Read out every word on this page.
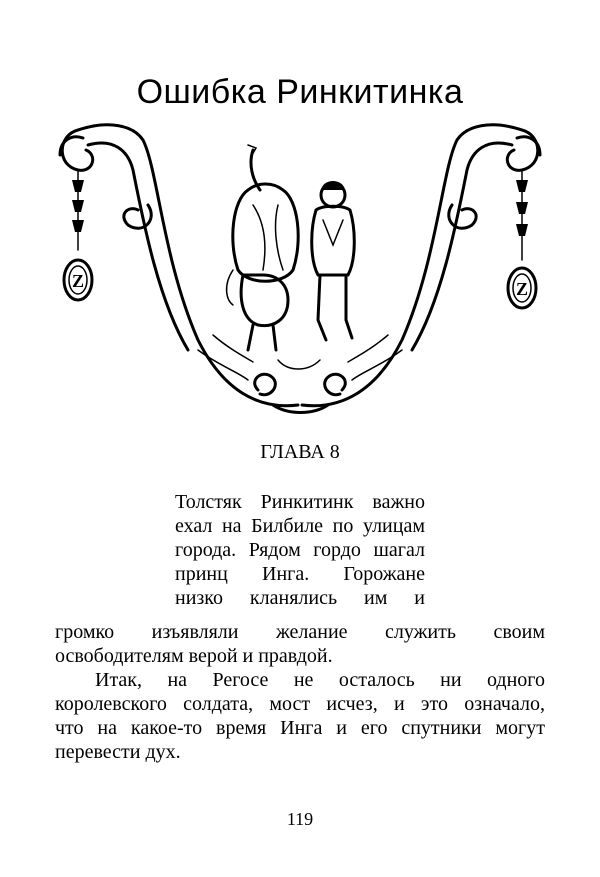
Ошибка Ринкитинка
Z	Z
ГЛАВА 8
Толстяк Ринкитинк важно
ехал на Билбиле по улицам
города. Рядом гордо шагал
принц Инга. Горожане
низко кланялись им и
громко изъявляли желание служить своим
освободителям верой и правдой.
Итак, на Регосе не осталось ни одного
королевского солдата, мост исчез, и это означало,
что на какое-то время Инга и его спутники могут
перевести дух.
119
